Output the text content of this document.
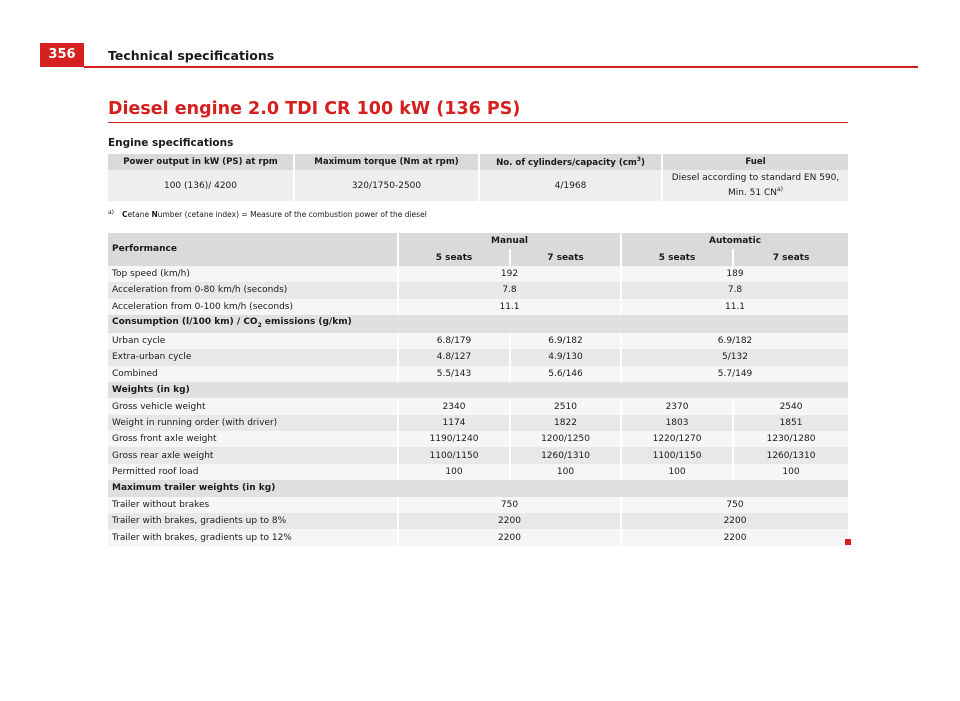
356	Technical specifications
Diesel engine 2.0 TDI CR 100 kW (136 PS)
Engine specifications
Power output in kW (PS) at rpm	Maximum torque (Nm at rpm)	No. of cylinders/capacity $(cm^3)$	Fuel
100 (136)/ 4200	320/1750-2500	4/1968	Diesel according to standard EN 590,
Min. 51 CN$^{a)}$
$^{a)}$ Cetane Number (cetane index) = Measure of the combustion power of the diesel
Performance	Manual		Automatic	
	5 seats	7 seats	5 seats	7 seats
Top speed (km/h)	192		189	
Acceleration from 0-80 km/h (seconds)	7.8		7.8	
Acceleration from 0-100 km/h (seconds)	11.1		11.1	
Consumption (l/100 $km) / CO_2$ emissions (g/km)				
Urban cycle	6.8/179	6.9/182	6.9/182	
Extra-urban cycle	4.8/127	4.9/130	5/132	
Combined	5.5/143	5.6/146	5.7/149	
Weights (in kg)				
Gross vehicle weight	2340	2510	2370	2540
Weight in running order (with driver)	1174	1822	1803	1851
Gross front axle weight	1190/1240	1200/1250	1220/1270	1230/1280
Gross rear axle weight	1100/1150	1260/1310	1100/1150	1260/1310
Permitted roof load	100	100	100	100
Maximum trailer weights (in kg)				
Trailer without brakes	750		750	
Trailer with brakes, gradients up to 8%	2200		2200	
Trailer with brakes, gradients up to 12%	2200		2200	
